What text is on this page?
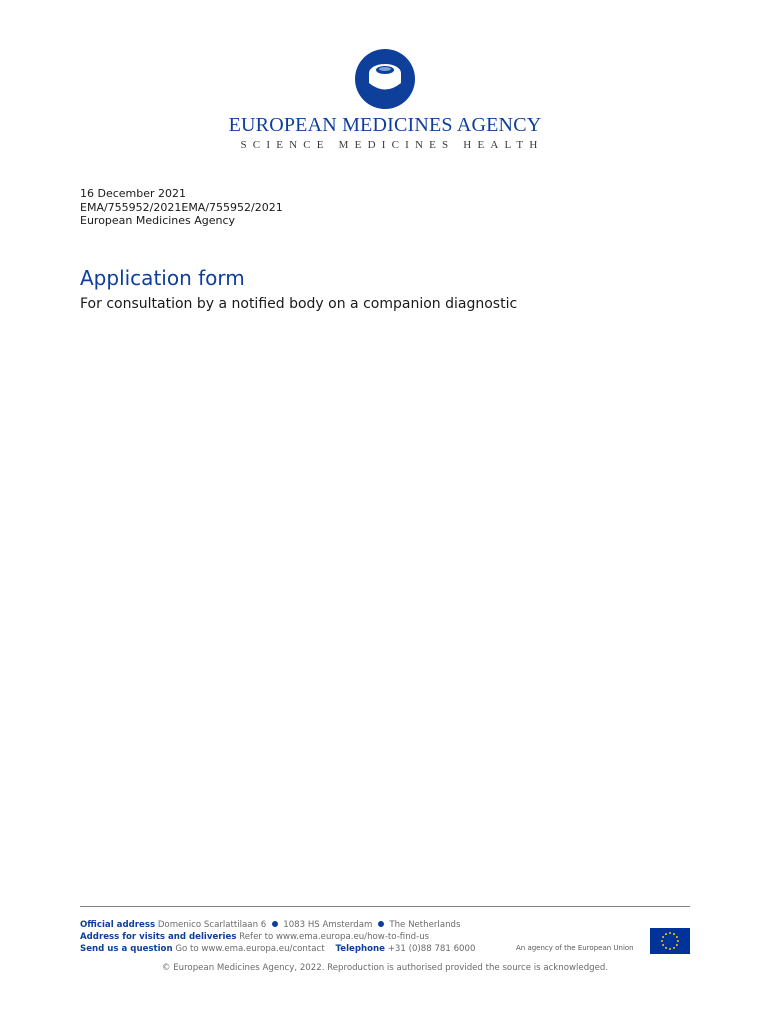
EUROPEAN MEDICINES AGENCY
SCIENCE MEDICINES HEALTH
16 December 2021
EMA/755952/2021EMA/755952/2021
European Medicines Agency
Application form
For consultation by a notified body on a companion diagnostic
Official address Domenico Scarlattilaan 6 1083 HS Amsterdam The Netherlands
Address for visits and deliveries Refer to www.ema.europa.eu/how-to-find-us
Send us a question Go to www.ema.europa.eu/contact Telephone +31 (0)88 781 6000	An agency of the European Union
© European Medicines Agency, 2022. Reproduction is authorised provided the source is acknowledged.
